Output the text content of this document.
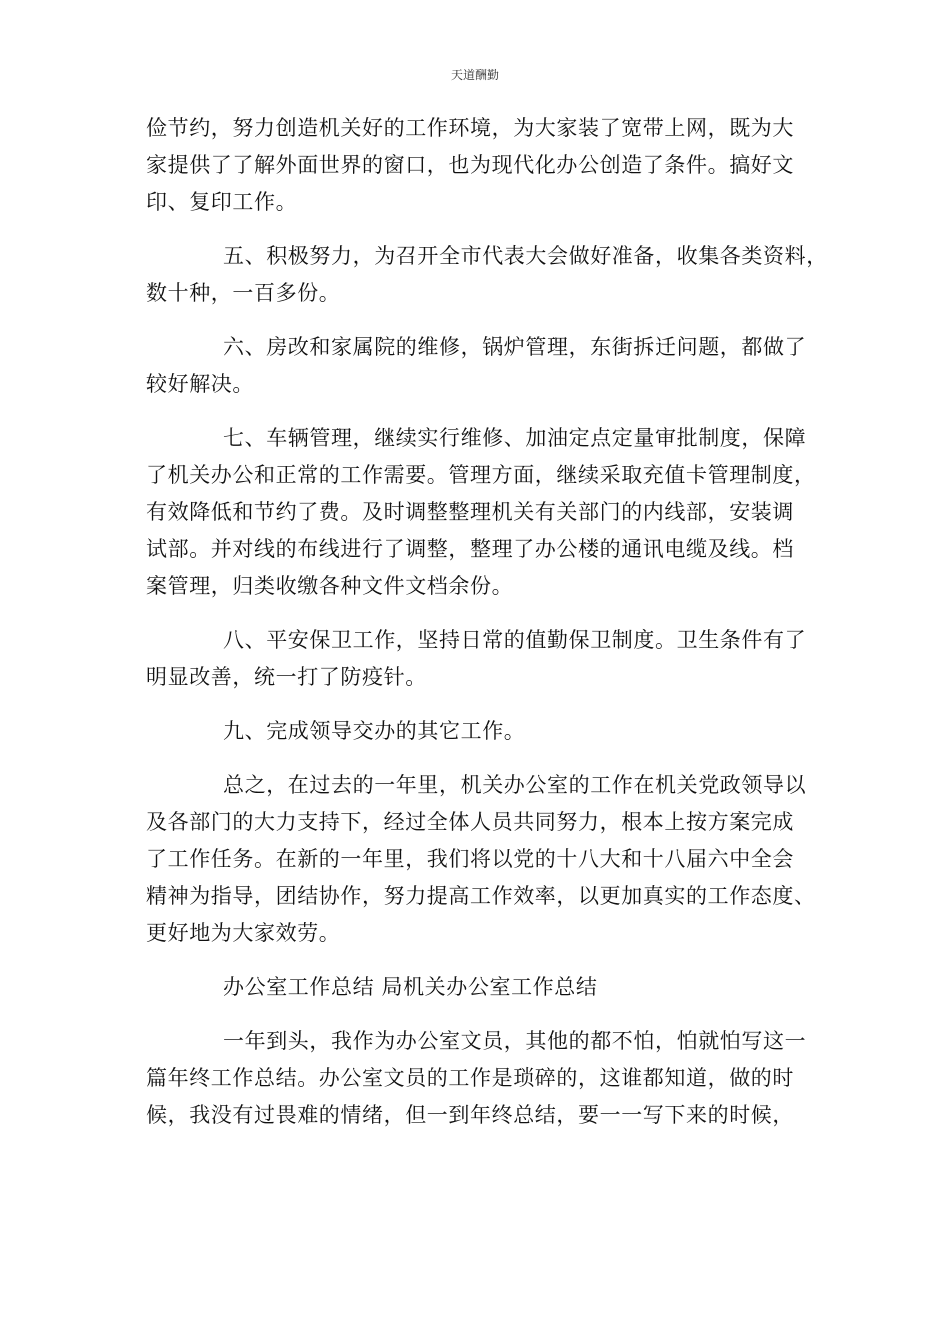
天道酬勤

俭节约，努力创造机关好的工作环境，为大家装了宽带上网，既为大
家提供了了解外面世界的窗口，也为现代化办公创造了条件。搞好文
印、复印工作。

五、积极努力，为召开全市代表大会做好准备，收集各类资料，
数十种，一百多份。

六、房改和家属院的维修，锅炉管理，东街拆迁问题，都做了
较好解决。

七、车辆管理，继续实行维修、加油定点定量审批制度，保障
了机关办公和正常的工作需要。管理方面，继续采取充值卡管理制度，
有效降低和节约了费。及时调整整理机关有关部门的内线部，安装调
试部。并对线的布线进行了调整，整理了办公楼的通讯电缆及线。档
案管理，归类收缴各种文件文档余份。

八、平安保卫工作，坚持日常的值勤保卫制度。卫生条件有了
明显改善，统一打了防疫针。

九、完成领导交办的其它工作。

总之，在过去的一年里，机关办公室的工作在机关党政领导以
及各部门的大力支持下，经过全体人员共同努力，根本上按方案完成
了工作任务。在新的一年里，我们将以党的十八大和十八届六中全会
精神为指导，团结协作，努力提高工作效率，以更加真实的工作态度、
更好地为大家效劳。

办公室工作总结 局机关办公室工作总结

一年到头，我作为办公室文员，其他的都不怕，怕就怕写这一
篇年终工作总结。办公室文员的工作是琐碎的，这谁都知道，做的时
候，我没有过畏难的情绪，但一到年终总结，要一一写下来的时候，
